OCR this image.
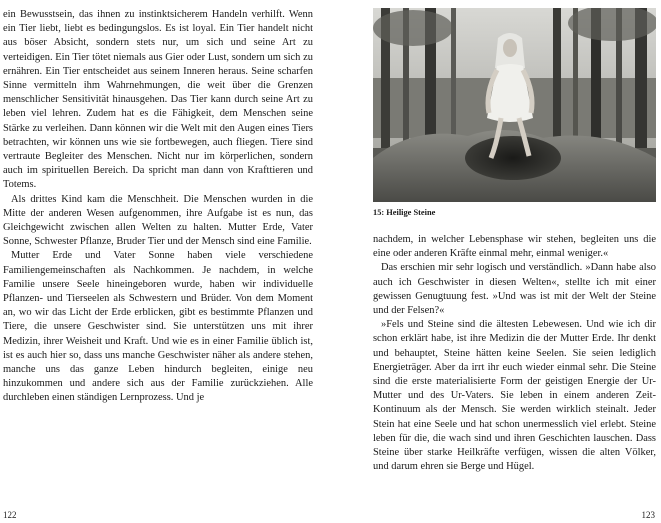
ein Bewusstsein, das ihnen zu instinktsicherem Handeln verhilft. Wenn ein Tier liebt, liebt es bedingungslos. Es ist loyal. Ein Tier handelt nicht aus böser Absicht, sondern stets nur, um sich und seine Art zu verteidigen. Ein Tier tötet niemals aus Gier oder Lust, sondern um sich zu ernähren. Ein Tier entscheidet aus seinem Inneren heraus. Seine scharfen Sinne vermitteln ihm Wahrnehmungen, die weit über die Grenzen menschlicher Sensitivität hinausgehen. Das Tier kann durch seine Art zu leben viel lehren. Zudem hat es die Fähigkeit, dem Menschen seine Stärke zu verleihen. Dann können wir die Welt mit den Augen eines Tiers betrachten, wir können uns wie sie fortbewegen, auch fliegen. Tiere sind vertraute Begleiter des Menschen. Nicht nur im körperlichen, sondern auch im spirituellen Bereich. Da spricht man dann von Krafttieren und Totems.

Als drittes Kind kam die Menschheit. Die Menschen wurden in die Mitte der anderen Wesen aufgenommen, ihre Aufgabe ist es nun, das Gleichgewicht zwischen allen Welten zu halten. Mutter Erde, Vater Sonne, Schwester Pflanze, Bruder Tier und der Mensch sind eine Familie.

Mutter Erde und Vater Sonne haben viele verschiedene Familiengemeinschaften als Nachkommen. Je nachdem, in welche Familie unsere Seele hineingeboren wurde, haben wir individuelle Pflanzen- und Tierseelen als Schwestern und Brüder. Von dem Moment an, wo wir das Licht der Erde erblicken, gibt es bestimmte Pflanzen und Tiere, die unsere Geschwister sind. Sie unterstützen uns mit ihrer Medizin, ihrer Weisheit und Kraft. Und wie es in einer Familie üblich ist, ist es auch hier so, dass uns manche Geschwister näher als andere stehen, manche uns das ganze Leben hindurch begleiten, einige neu hinzukommen und andere sich aus der Familie zurückziehen. Alle durchleben einen ständigen Lernprozess. Und je

122
15: Heilige Steine

nachdem, in welcher Lebensphase wir stehen, begleiten uns die eine oder anderen Kräfte einmal mehr, einmal weniger.«

Das erschien mir sehr logisch und verständlich. »Dann habe also auch ich Geschwister in diesen Welten«, stellte ich mit einer gewissen Genugtuung fest. »Und was ist mit der Welt der Steine und der Felsen?«

»Fels und Steine sind die ältesten Lebewesen. Und wie ich dir schon erklärt habe, ist ihre Medizin die der Mutter Erde. Ihr denkt und behauptet, Steine hätten keine Seelen. Sie seien lediglich Energieträger. Aber da irrt ihr euch wieder einmal sehr. Die Steine sind die erste materialisierte Form der geistigen Energie der Ur-Mutter und des Ur-Vaters. Sie leben in einem anderen Zeit-Kontinuum als der Mensch. Sie werden wirklich steinalt. Jeder Stein hat eine Seele und hat schon unermesslich viel erlebt. Steine leben für die, die wach sind und ihren Geschichten lauschen. Dass Steine über starke Heilkräfte verfügen, wissen die alten Völker, und darum ehren sie Berge und Hügel.

123
